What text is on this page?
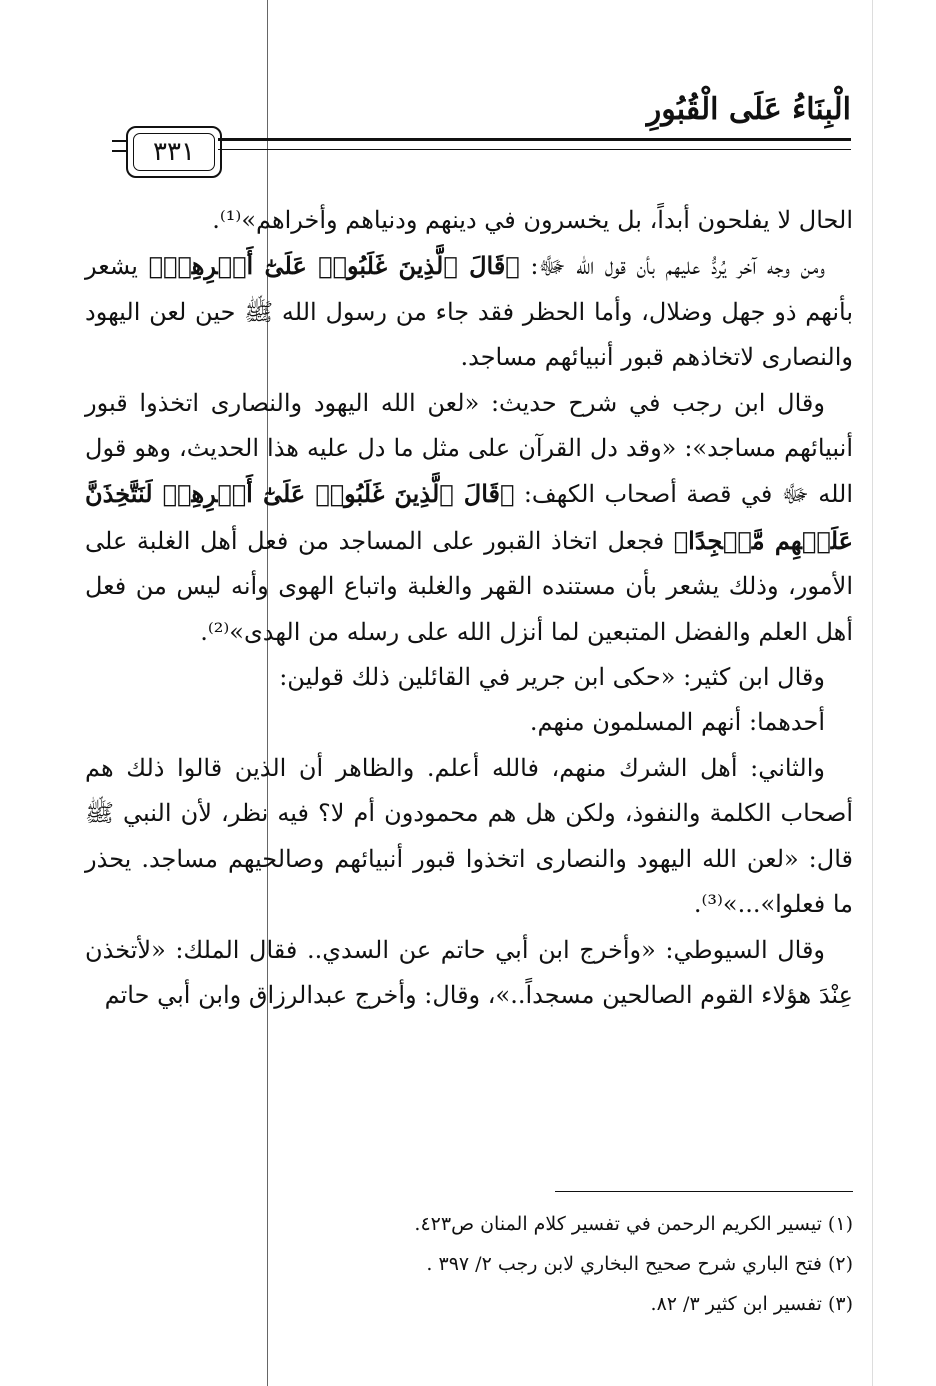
الْبِنَاءُ عَلَى الْقُبُورِ
٣٣١

الحال لا يفلحون أبداً، بل يخسرون في دينهم ودنياهم وأخراهم»⁽¹⁾.

ومن وجه آخر يُردُّ عليهم بأن قول الله ﷻ: ﴿قَالَ ٱلَّذِينَ غَلَبُوا۟ عَلَىٰٓ أَمۡرِهِمۡ﴾ يشعر بأنهم ذو جهل وضلال، وأما الحظر فقد جاء من رسول الله ﷺ حين لعن اليهود والنصارى لاتخاذهم قبور أنبيائهم مساجد.

وقال ابن رجب في شرح حديث: «لعن الله اليهود والنصارى اتخذوا قبور أنبيائهم مساجد»: «وقد دل القرآن على مثل ما دل عليه هذا الحديث، وهو قول الله ﷻ في قصة أصحاب الكهف: ﴿قَالَ ٱلَّذِينَ غَلَبُوا۟ عَلَىٰٓ أَمۡرِهِمۡ لَنَتَّخِذَنَّ عَلَيۡهِم مَّسۡجِدًا﴾ فجعل اتخاذ القبور على المساجد من فعل أهل الغلبة على الأمور، وذلك يشعر بأن مستنده القهر والغلبة واتباع الهوى وأنه ليس من فعل أهل العلم والفضل المتبعين لما أنزل الله على رسله من الهدى»⁽²⁾.

وقال ابن كثير: «حكى ابن جرير في القائلين ذلك قولين:

أحدهما: أنهم المسلمون منهم.

والثاني: أهل الشرك منهم، فالله أعلم. والظاهر أن الذين قالوا ذلك هم أصحاب الكلمة والنفوذ، ولكن هل هم محمودون أم لا؟ فيه نظر، لأن النبي ﷺ قال: «لعن الله اليهود والنصارى اتخذوا قبور أنبيائهم وصالحيهم مساجد. يحذر ما فعلوا»...»⁽³⁾.

وقال السيوطي: «وأخرج ابن أبي حاتم عن السدي.. فقال الملك: «لأتخذن عِنْدَ هؤلاء القوم الصالحين مسجداً..»، وقال: وأخرج عبدالرزاق وابن أبي حاتم

(١) تيسير الكريم الرحمن في تفسير كلام المنان ص٤٢٣.
(٢) فتح الباري شرح صحيح البخاري لابن رجب ٢/ ٣٩٧ .
(٣) تفسير ابن كثير ٣/ ٨٢.
